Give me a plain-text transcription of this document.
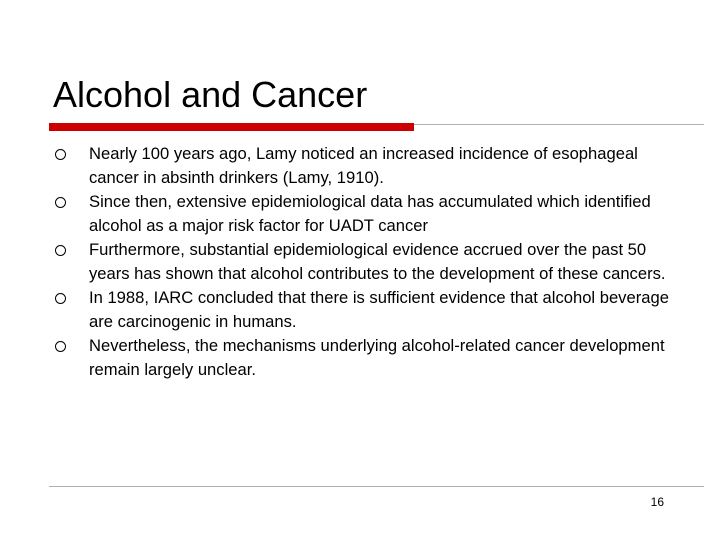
Alcohol and Cancer
Nearly 100 years ago, Lamy noticed an increased incidence of esophageal cancer in absinth drinkers (Lamy, 1910).
Since then, extensive epidemiological data has accumulated which identified alcohol as a major risk factor for UADT cancer
Furthermore, substantial epidemiological evidence accrued over the past 50 years has shown that alcohol contributes to the development of these cancers.
In 1988, IARC concluded that there is sufficient evidence that alcohol beverage are carcinogenic in humans.
Nevertheless, the mechanisms underlying alcohol-related cancer development remain largely unclear.
16
